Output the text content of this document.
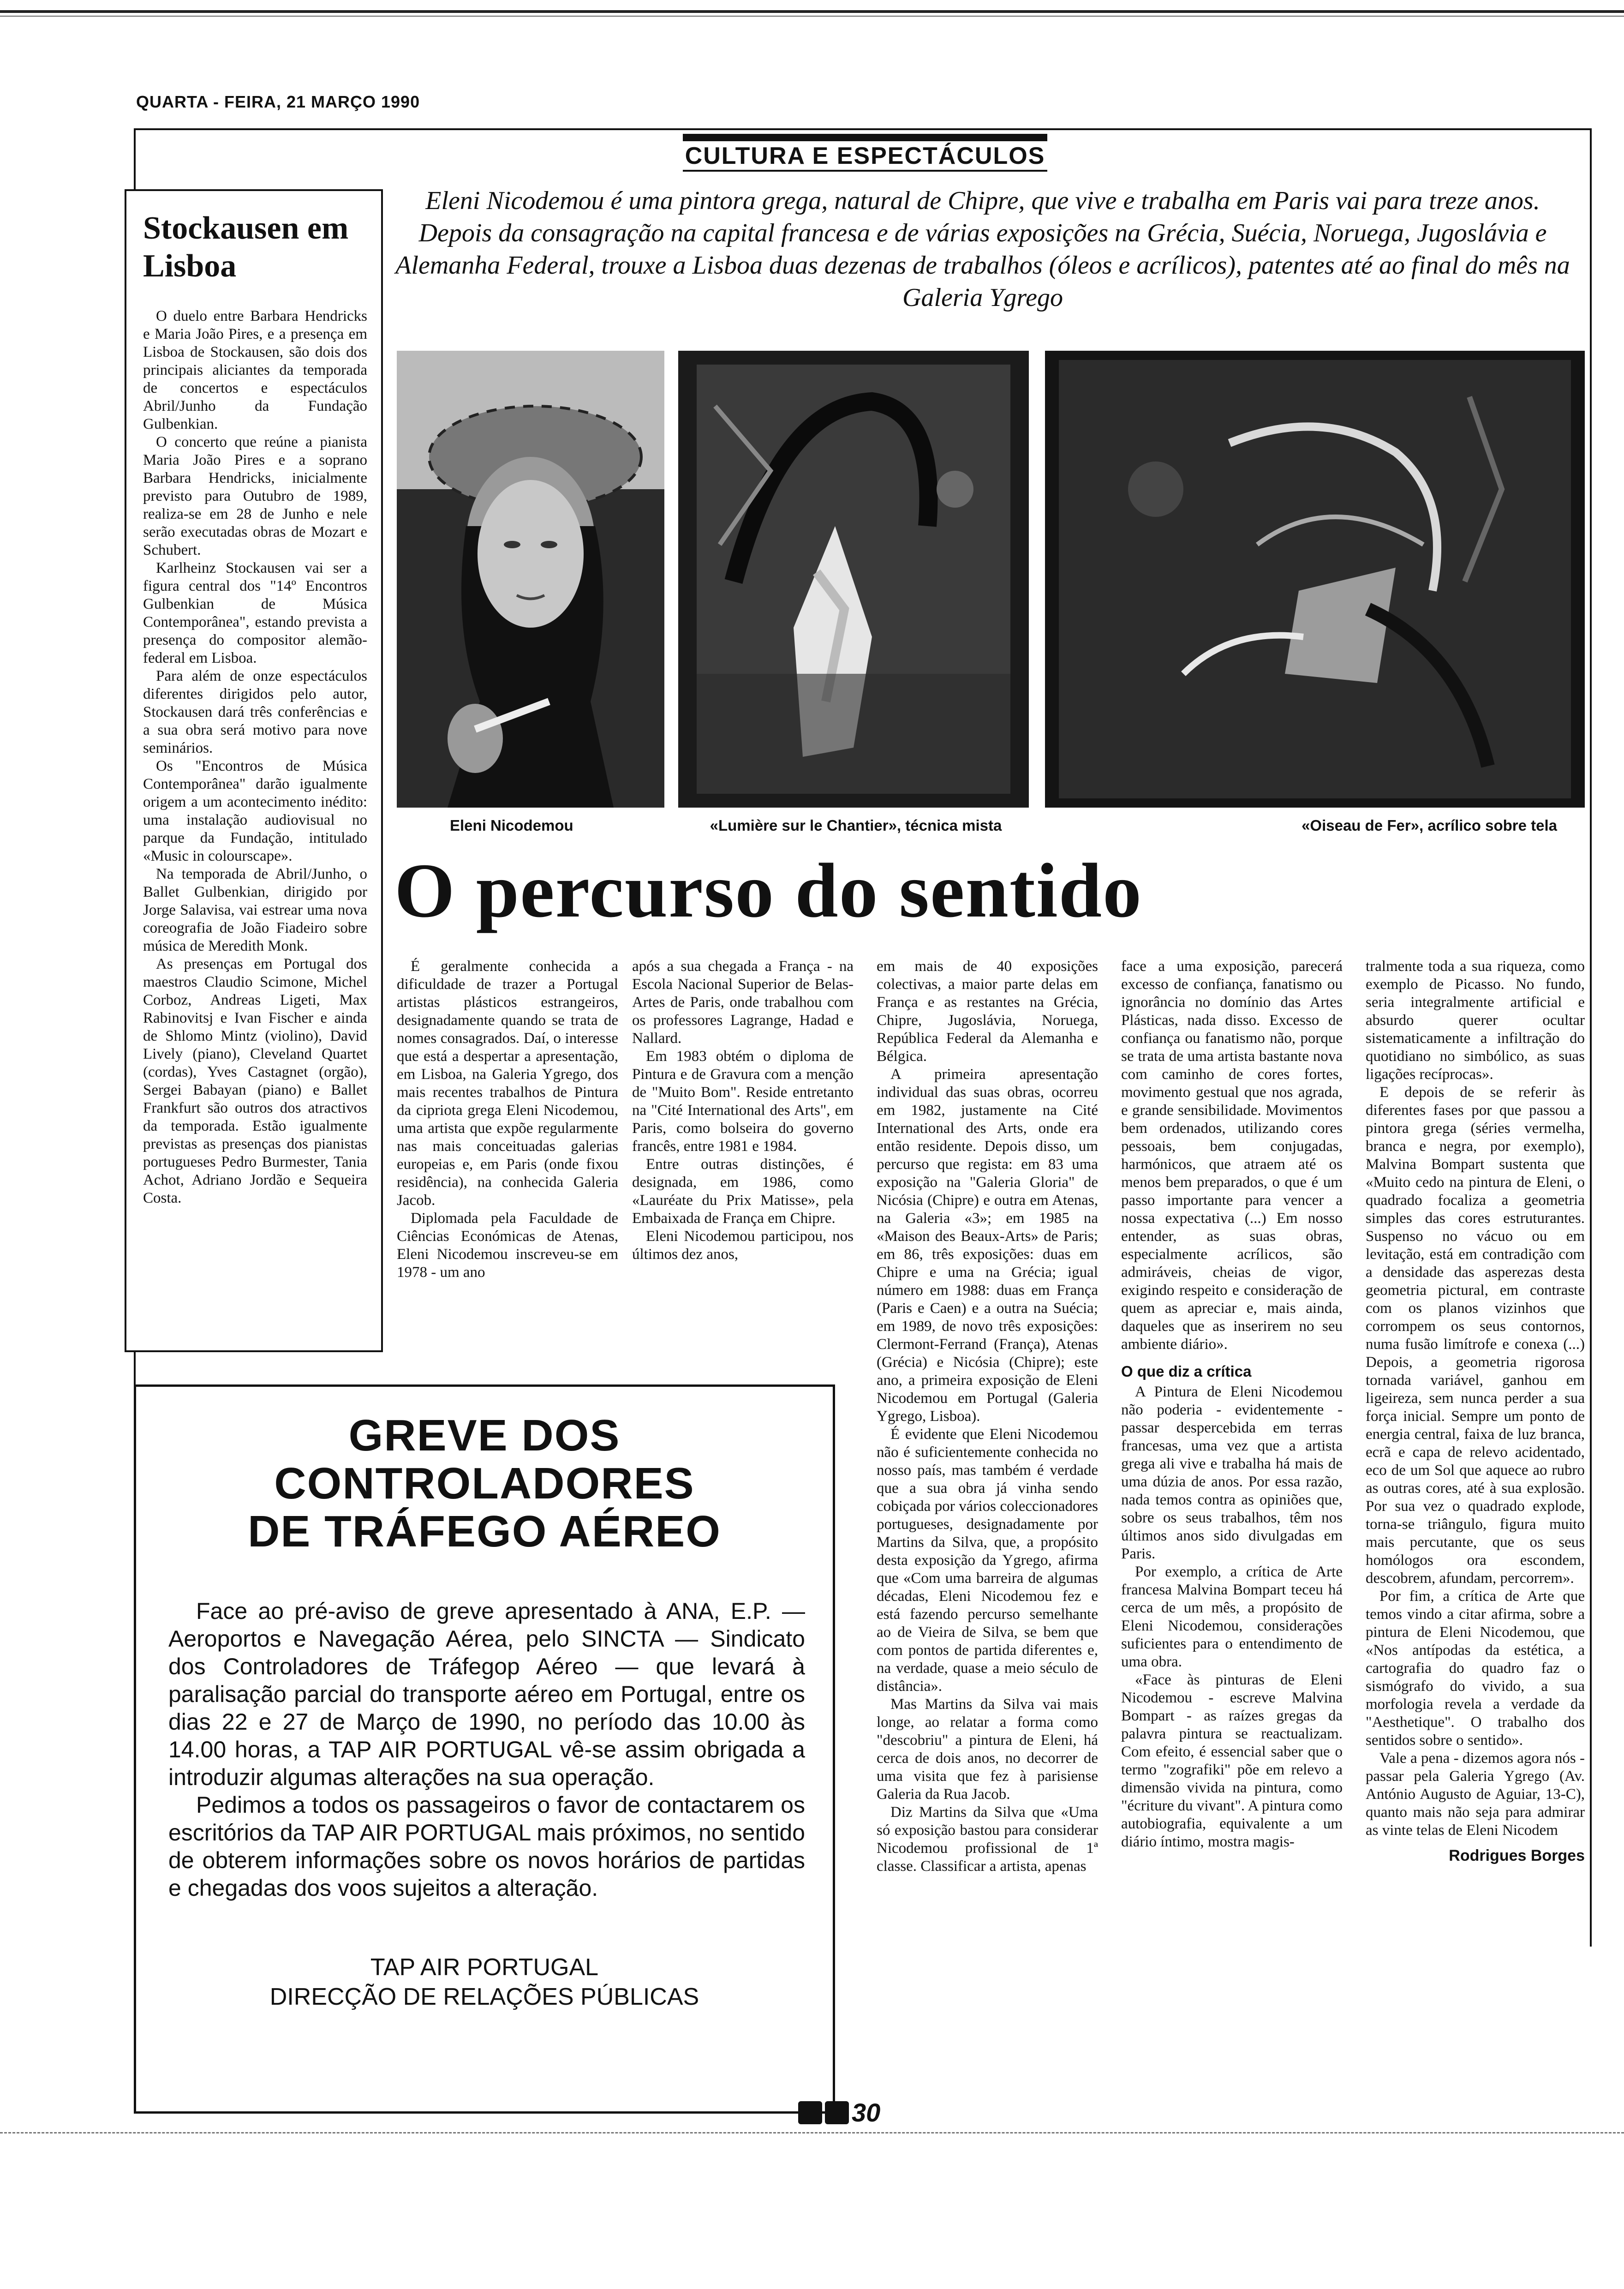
QUARTA - FEIRA, 21 MARÇO 1990
CULTURA E ESPECTÁCULOS
Eleni Nicodemou é uma pintora grega, natural de Chipre, que vive e trabalha em Paris vai para treze anos. Depois da consagração na capital francesa e de várias exposições na Grécia, Suécia, Noruega, Jugoslávia e Alemanha Federal, trouxe a Lisboa duas dezenas de trabalhos (óleos e acrílicos), patentes até ao final do mês na Galeria Ygrego
Stockausen em Lisboa

O duelo entre Barbara Hendricks e Maria João Pires, e a presença em Lisboa de Stockausen, são dois dos principais aliciantes da temporada de concertos e espectáculos Abril/Junho da Fundação Gulbenkian.

O concerto que reúne a pianista Maria João Pires e a soprano Barbara Hendricks, inicialmente previsto para Outubro de 1989, realiza-se em 28 de Junho e nele serão executadas obras de Mozart e Schubert.

Karlheinz Stockausen vai ser a figura central dos "14º Encontros Gulbenkian de Música Contemporânea", estando prevista a presença do compositor alemão-federal em Lisboa.

Para além de onze espectáculos diferentes dirigidos pelo autor, Stockausen dará três conferências e a sua obra será motivo para nove seminários.

Os "Encontros de Música Contemporânea" darão igualmente origem a um acontecimento inédito: uma instalação audiovisual no parque da Fundação, intitulado «Music in colourscape».

Na temporada de Abril/Junho, o Ballet Gulbenkian, dirigido por Jorge Salavisa, vai estrear uma nova coreografia de João Fiadeiro sobre música de Meredith Monk.

As presenças em Portugal dos maestros Claudio Scimone, Michel Corboz, Andreas Ligeti, Max Rabinovitsj e Ivan Fischer e ainda de Shlomo Mintz (violino), David Lively (piano), Cleveland Quartet (cordas), Yves Castagnet (orgão), Sergei Babayan (piano) e Ballet Frankfurt são outros dos atractivos da temporada. Estão igualmente previstas as presenças dos pianistas portugueses Pedro Burmester, Tania Achot, Adriano Jordão e Sequeira Costa.

Eleni Nicodemou	«Lumière sur le Chantier», técnica mista	«Oiseau de Fer», acrílico sobre tela
O percurso do sentido

É geralmente conhecida a dificuldade de trazer a Portugal artistas plásticos estrangeiros, designadamente quando se trata de nomes consagrados. Daí, o interesse que está a despertar a apresentação, em Lisboa, na Galeria Ygrego, dos mais recentes trabalhos de Pintura da cipriota grega Eleni Nicodemou, uma artista que expõe regularmente nas mais conceituadas galerias europeias e, em Paris (onde fixou residência), na conhecida Galeria Jacob.

Diplomada pela Faculdade de Ciências Económicas de Atenas, Eleni Nicodemou inscreveu-se em 1978 - um ano

após a sua chegada a França - na Escola Nacional Superior de Belas-Artes de Paris, onde trabalhou com os professores Lagrange, Hadad e Nallard.

Em 1983 obtém o diploma de Pintura e de Gravura com a menção de "Muito Bom". Reside entretanto na "Cité International des Arts", em Paris, como bolseira do governo francês, entre 1981 e 1984.

Entre outras distinções, é designada, em 1986, como «Lauréate du Prix Matisse», pela Embaixada de França em Chipre.

Eleni Nicodemou participou, nos últimos dez anos,

em mais de 40 exposições colectivas, a maior parte delas em França e as restantes na Grécia, Chipre, Jugoslávia, Noruega, República Federal da Alemanha e Bélgica.

A primeira apresentação individual das suas obras, ocorreu em 1982, justamente na Cité International des Arts, onde era então residente. Depois disso, um percurso que regista: em 83 uma exposição na "Galeria Gloria" de Nicósia (Chipre) e outra em Atenas, na Galeria «3»; em 1985 na «Maison des Beaux-Arts» de Paris; em 86, três exposições: duas em Chipre e uma na Grécia; igual número em 1988: duas em França (Paris e Caen) e a outra na Suécia; em 1989, de novo três exposições: Clermont-Ferrand (França), Atenas (Grécia) e Nicósia (Chipre); este ano, a primeira exposição de Eleni Nicodemou em Portugal (Galeria Ygrego, Lisboa).

É evidente que Eleni Nicodemou não é suficientemente conhecida no nosso país, mas também é verdade que a sua obra já vinha sendo cobiçada por vários coleccionadores portugueses, designadamente por Martins da Silva, que, a propósito desta exposição da Ygrego, afirma que «Com uma barreira de algumas décadas, Eleni Nicodemou fez e está fazendo percurso semelhante ao de Vieira de Silva, se bem que com pontos de partida diferentes e, na verdade, quase a meio século de distância».

Mas Martins da Silva vai mais longe, ao relatar a forma como "descobriu" a pintura de Eleni, há cerca de dois anos, no decorrer de uma visita que fez à parisiense Galeria da Rua Jacob.

Diz Martins da Silva que «Uma só exposição bastou para considerar Nicodemou profissional de 1ª classe. Classificar a artista, apenas

face a uma exposição, parecerá excesso de confiança, fanatismo ou ignorância no domínio das Artes Plásticas, nada disso. Excesso de confiança ou fanatismo não, porque se trata de uma artista bastante nova com caminho de cores fortes, movimento gestual que nos agrada, e grande sensibilidade. Movimentos bem ordenados, utilizando cores pessoais, bem conjugadas, harmónicos, que atraem até os menos bem preparados, o que é um passo importante para vencer a nossa expectativa (...) Em nosso entender, as suas obras, especialmente acrílicos, são admiráveis, cheias de vigor, exigindo respeito e consideração de quem as apreciar e, mais ainda, daqueles que as inserirem no seu ambiente diário».

O que diz a crítica

A Pintura de Eleni Nicodemou não poderia - evidentemente - passar despercebida em terras francesas, uma vez que a artista grega ali vive e trabalha há mais de uma dúzia de anos. Por essa razão, nada temos contra as opiniões que, sobre os seus trabalhos, têm nos últimos anos sido divulgadas em Paris.

Por exemplo, a crítica de Arte francesa Malvina Bompart teceu há cerca de um mês, a propósito de Eleni Nicodemou, considerações suficientes para o entendimento de uma obra.

«Face às pinturas de Eleni Nicodemou - escreve Malvina Bompart - as raízes gregas da palavra pintura se reactualizam. Com efeito, é essencial saber que o termo "zografiki" põe em relevo a dimensão vivida na pintura, como "écriture du vivant". A pintura como autobiografia, equivalente a um diário íntimo, mostra magis-

tralmente toda a sua riqueza, como exemplo de Picasso. No fundo, seria integralmente artificial e absurdo querer ocultar sistematicamente a infiltração do quotidiano no simbólico, as suas ligações recíprocas».

E depois de se referir às diferentes fases por que passou a pintora grega (séries vermelha, branca e negra, por exemplo), Malvina Bompart sustenta que «Muito cedo na pintura de Eleni, o quadrado focaliza a geometria simples das cores estruturantes. Suspenso no vácuo ou em levitação, está em contradição com a densidade das asperezas desta geometria pictural, em contraste com os planos vizinhos que corrompem os seus contornos, numa fusão limítrofe e conexa (...) Depois, a geometria rigorosa tornada variável, ganhou em ligeireza, sem nunca perder a sua força inicial. Sempre um ponto de energia central, faixa de luz branca, ecrã e capa de relevo acidentado, eco de um Sol que aquece ao rubro as outras cores, até à sua explosão. Por sua vez o quadrado explode, torna-se triângulo, figura muito mais percutante, que os seus homólogos ora escondem, descobrem, afundam, percorrem».

Por fim, a crítica de Arte que temos vindo a citar afirma, sobre a pintura de Eleni Nicodemou, que «Nos antípodas da estética, a cartografia do quadro faz o sismógrafo do vivido, a sua morfologia revela a verdade da "Aesthetique". O trabalho dos sentidos sobre o sentido».

Vale a pena - dizemos agora nós - passar pela Galeria Ygrego (Av. António Augusto de Aguiar, 13-C), quanto mais não seja para admirar as vinte telas de Eleni Nicodem

Rodrigues Borges

GREVE DOS
CONTROLADORES
DE TRÁFEGO AÉREO

Face ao pré-aviso de greve apresentado à ANA, E.P. — Aeroportos e Navegação Aérea, pelo SINCTA — Sindicato dos Controladores de Tráfegop Aéreo — que levará à paralisação parcial do transporte aéreo em Portugal, entre os dias 22 e 27 de Março de 1990, no período das 10.00 às 14.00 horas, a TAP AIR PORTUGAL vê-se assim obrigada a introduzir algumas alterações na sua operação.

Pedimos a todos os passageiros o favor de contactarem os escritórios da TAP AIR PORTUGAL mais próximos, no sentido de obterem informações sobre os novos horários de partidas e chegadas dos voos sujeitos a alteração.

TAP AIR PORTUGAL
DIRECÇÃO DE RELAÇÕES PÚBLICAS
30
